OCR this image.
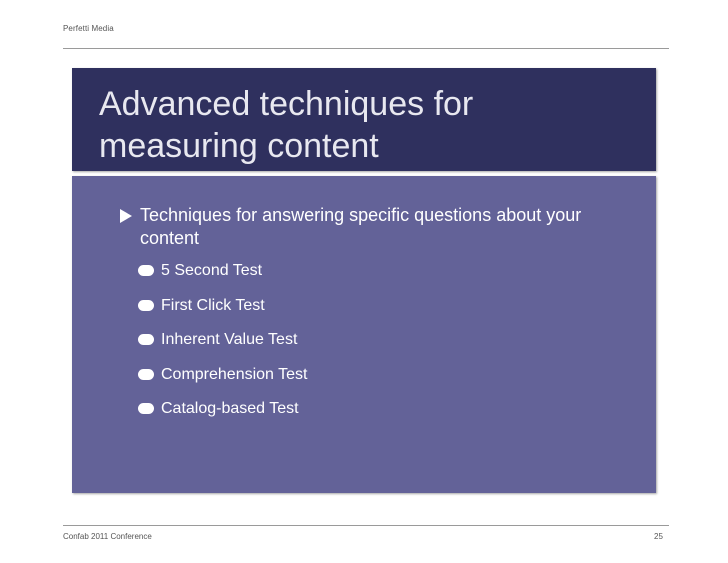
Perfetti Media
Advanced techniques for measuring content
Techniques for answering specific questions about your content
5 Second Test
First Click Test
Inherent Value Test
Comprehension Test
Catalog-based Test
Confab 2011 Conference	25
